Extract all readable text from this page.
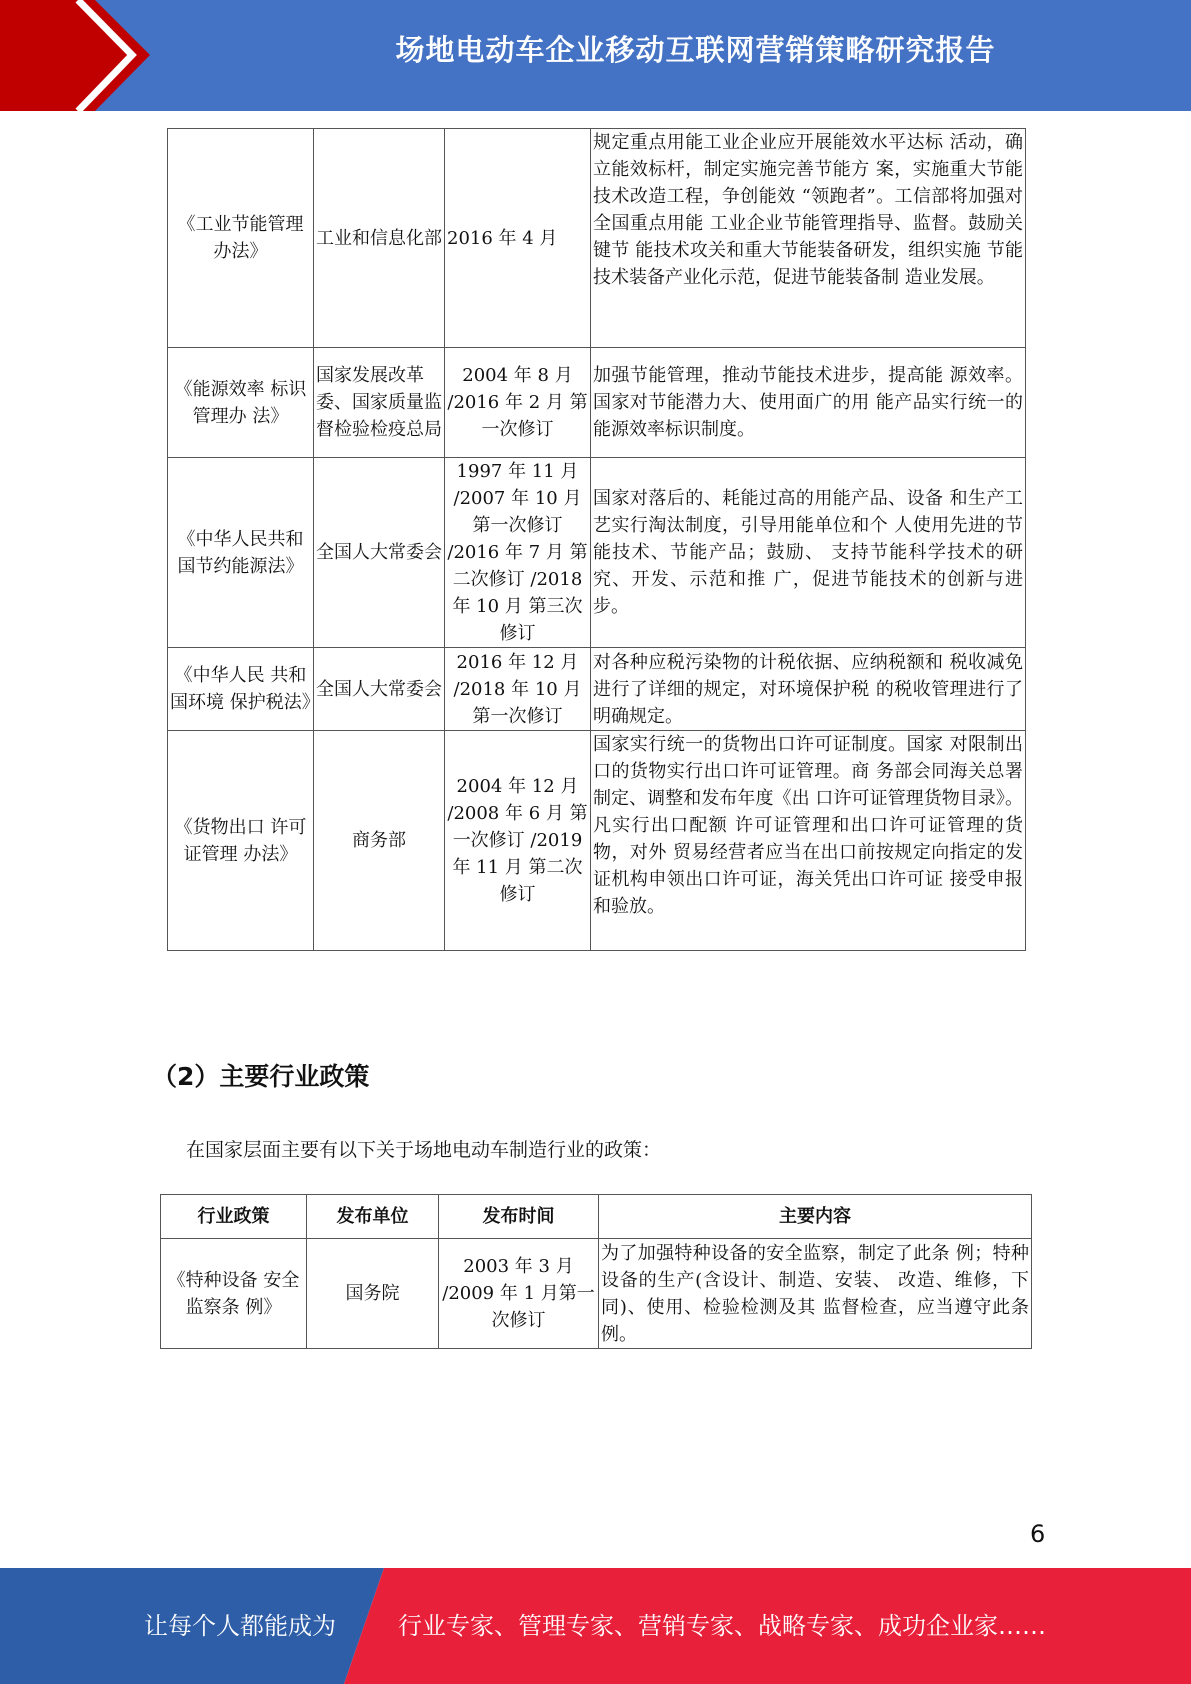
场地电动车企业移动互联网营销策略研究报告
《工业节能管理办法》	工业和信息化部	2016 年 4 月	规定重点用能工业企业应开展能效水平达标 活动，确立能效标杆，制定实施完善节能方 案，实施重大节能技术改造工程，争创能效 “领跑者”。工信部将加强对全国重点用能 工业企业节能管理指导、监督。鼓励关键节 能技术攻关和重大节能装备研发，组织实施 节能技术装备产业化示范，促进节能装备制 造业发展。
《能源效率 标识管理办 法》	国家发展改革委、国家质量监督检验检疫总局	2004 年 8 月 /2016 年 2 月 第一次修订	加强节能管理，推动节能技术进步，提高能 源效率。国家对节能潜力大、使用面广的用 能产品实行统一的能源效率标识制度。
《中华人民共和国节约能源法》	全国人大常委会	1997 年 11 月 /2007 年 10 月 第一次修订 /2016 年 7 月 第二次修订 /2018 年 10 月 第三次修订	国家对落后的、耗能过高的用能产品、设备 和生产工艺实行淘汰制度，引导用能单位和个 人使用先进的节能技术、节能产品；鼓励、 支持节能科学技术的研究、开发、示范和推 广，促进节能技术的创新与进步。
《中华人民 共和国环境 保护税法》	全国人大常委会	2016 年 12 月 /2018 年 10 月 第一次修订	对各种应税污染物的计税依据、应纳税额和 税收减免进行了详细的规定，对环境保护税 的税收管理进行了明确规定。
《货物出口 许可证管理 办法》	商务部	2004 年 12 月 /2008 年 6 月 第一次修订 /2019 年 11 月 第二次修订	国家实行统一的货物出口许可证制度。国家 对限制出口的货物实行出口许可证管理。商 务部会同海关总署制定、调整和发布年度《出 口许可证管理货物目录》。凡实行出口配额 许可证管理和出口许可证管理的货物，对外 贸易经营者应当在出口前按规定向指定的发 证机构申领出口许可证，海关凭出口许可证 接受申报和验放。
（2）主要行业政策
在国家层面主要有以下关于场地电动车制造行业的政策：
行业政策	发布单位	发布时间	主要内容
《特种设备 安全监察条 例》	国务院	2003 年 3 月 /2009 年 1 月第一次修订	为了加强特种设备的安全监察，制定了此条 例；特种设备的生产(含设计、制造、安装、 改造、维修，下同)、使用、检验检测及其 监督检查，应当遵守此条例。
6
让每个人都能成为	行业专家、管理专家、营销专家、战略专家、成功企业家……
